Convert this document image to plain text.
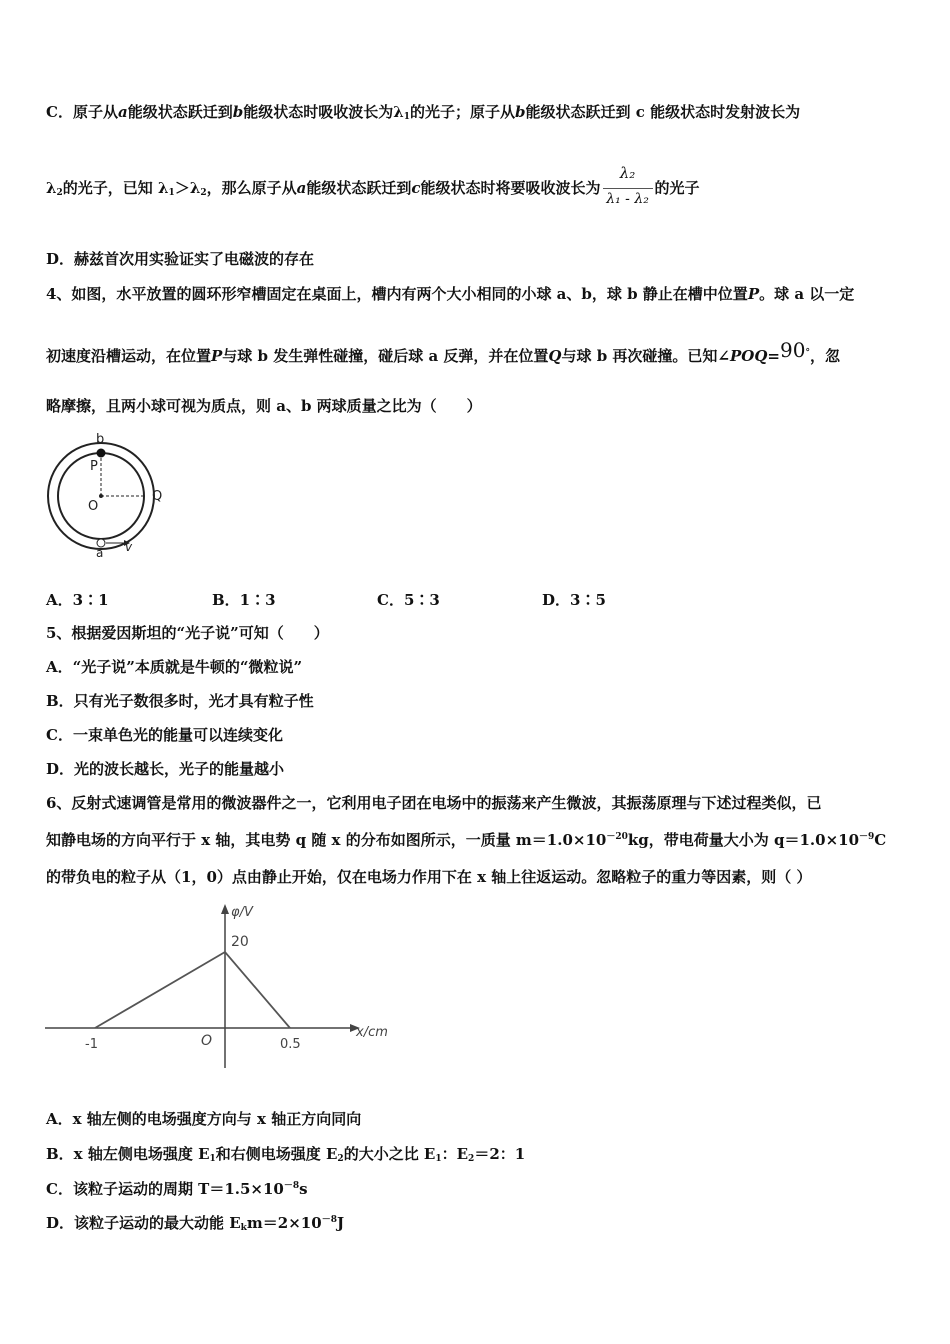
C．原子从a能级状态跃迁到b能级状态时吸收波长为$\lambda_1$的光子；原子从b能级状态跃迁到 c 能级状态时发射波长为
$\lambda_2$的光子，已知 $\lambda_1>\lambda_2$，那么原子从a能级状态跃迁到c能级状态时将要吸收波长为 $\frac{\text{λ₂}}{\text{λ₁ - λ₂}}$ 的光子
D．赫兹首次用实验证实了电磁波的存在
4、如图，水平放置的圆环形窄槽固定在桌面上，槽内有两个大小相同的小球 a、b，球 b 静止在槽中位置P。球 a 以一定
初速度沿槽运动，在位置P与球 b 发生弹性碰撞，碰后球 a 反弹，并在位置Q与球 b 再次碰撞。已知∠POQ=90°，忽
略摩擦，且两小球可视为质点，则 a、b 两球质量之比为（　　）
b
P
O
Q
a v
A．3∶1	B．1∶3	C．5∶3	D．3∶5
5、根据爱因斯坦的“光子说”可知（　　）
A．“光子说”本质就是牛顿的“微粒说”
B．只有光子数很多时，光才具有粒子性
C．一束单色光的能量可以连续变化
D．光的波长越长，光子的能量越小
6、反射式速调管是常用的微波器件之一，它利用电子团在电场中的振荡来产生微波，其振荡原理与下述过程类似，已
知静电场的方向平行于 x 轴，其电势 q 随 x 的分布如图所示，一质量 $m=1.0\times 10^{-20}kg$，带电荷量大小为 $q=1.0\times 10^{-9}C$
的带负电的粒子从（1，0）点由静止开始，仅在电场力作用下在 x 轴上往返运动。忽略粒子的重力等因素，则（ ）
φ/V
x/cm
20
-1	O	0.5
A．x 轴左侧的电场强度方向与 x 轴正方向同向
B．x 轴左侧电场强度 $E_1$和右侧电场强度 $E_2$的大小之比 $E_1$：$E_2=2$：1
C．该粒子运动的周期 $T=1.5\times 10^{-8}s$
D．该粒子运动的最大动能 $E_km=2\times 10^{-8}J$
